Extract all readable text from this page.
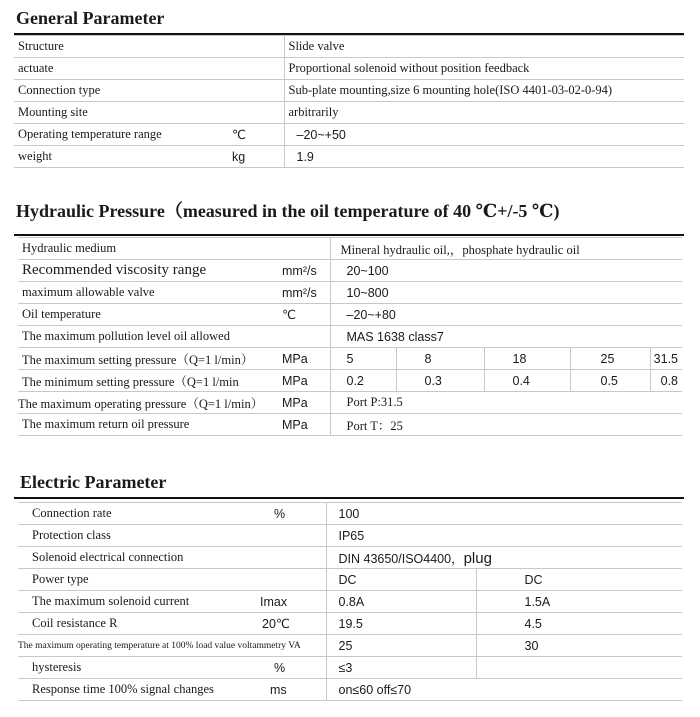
General Parameter
Structure		Slide valve
actuate		Proportional solenoid without position feedback
Connection type		Sub-plate mounting,size 6 mounting hole(ISO 4401-03-02-0-94)
Mounting site		arbitrarily
Operating temperature range	℃	–20~+50
weight	kg	1.9
Hydraulic Pressure（measured in the oil temperature of 40 ℃+/-5 ℃)
Hydraulic medium		Mineral hydraulic oil,，phosphate hydraulic oil				
Recommended viscosity range	mm²/s	20~100				
maximum allowable valve	mm²/s	10~800				
Oil temperature	℃	–20~+80				
The maximum pollution level oil allowed		MAS 1638 class7				
The maximum setting pressure（Q=1 l/min）	MPa	5	8	18	25	31.5
The minimum setting pressure（Q=1 l/min	MPa	0.2	0.3	0.4	0.5	0.8
The maximum operating pressure（Q=1 l/min）	MPa	Port P:31.5				
The maximum return oil pressure	MPa	Port T：25				
Electric Parameter
Connection rate	%	100	
Protection class		IP65	
Solenoid electrical connection		DIN 43650/ISO4400，plug	
Power type		DC	DC
The maximum solenoid current	Imax	0.8A	1.5A
Coil resistance R	20℃	19.5	4.5
The maximum operating temperature at 100% load value voltammetry VA		25	30
hysteresis	%	≤3	
Response time 100% signal changes	ms	on≤60 off≤70	
